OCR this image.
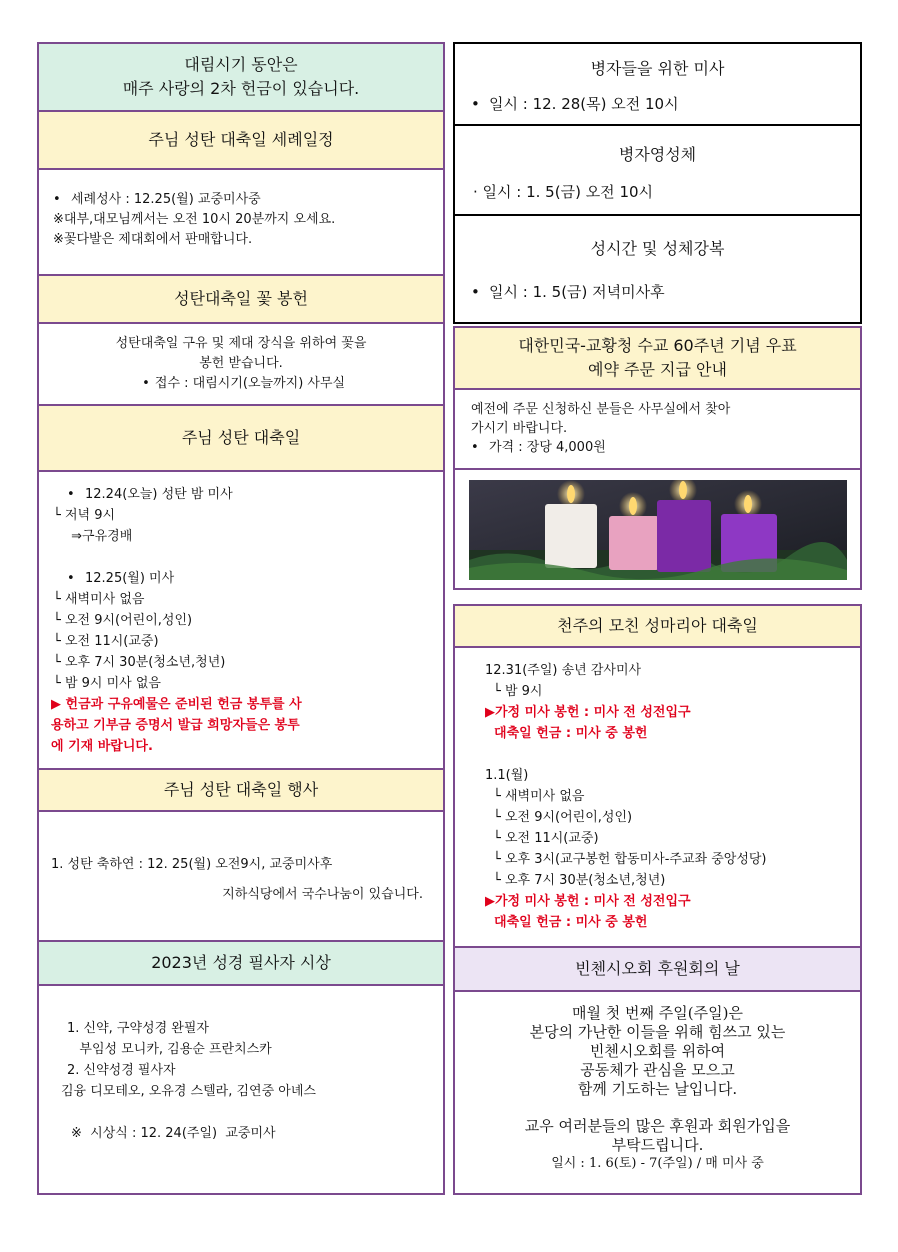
대림시기 동안은
매주 사랑의 2차 헌금이 있습니다.
주님 성탄 대축일 세례일정
• 세례성사 : 12.25(월) 교중미사중
※대부,대모님께서는 오전 10시 20분까지 오세요.
※꽃다발은 제대회에서 판매합니다.
성탄대축일 꽃 봉헌
성탄대축일 구유 및 제대 장식을 위하여 꽃을
봉헌 받습니다.
• 접수 : 대림시기(오늘까지) 사무실
주님 성탄 대축일
• 12.24(오늘) 성탄 밤 미사
└ 저녁 9시
⇒구유경배
• 12.25(월) 미사
└ 새벽미사 없음
└ 오전 9시(어린이,성인)
└ 오전 11시(교중)
└ 오후 7시 30분(청소년,청년)
└ 밤 9시 미사 없음
▶ 헌금과 구유예물은 준비된 헌금 봉투를 사
용하고 기부금 증명서 발급 희망자들은 봉투
에 기재 바랍니다.
주님 성탄 대축일 행사
1. 성탄 축하연 : 12. 25(월) 오전9시, 교중미사후
지하식당에서 국수나눔이 있습니다.
2023년 성경 필사자 시상
1. 신약, 구약성경 완필자
부임성 모니카, 김용순 프란치스카
2. 신약성경 필사자
김융 디모테오, 오유경 스텔라, 김연중 아녜스
※  시상식 : 12. 24(주일)  교중미사
병자들을 위한 미사
• 일시 : 12. 28(목) 오전 10시
병자영성체
· 일시 : 1. 5(금) 오전 10시
성시간 및 성체강복
• 일시 : 1. 5(금) 저녁미사후
대한민국-교황청 수교 60주년 기념 우표
예약 주문 지급 안내
예전에 주문 신청하신 분들은 사무실에서 찾아
가시기 바랍니다.
• 가격 : 장당 4,000원
천주의 모친 성마리아 대축일
12.31(주일) 송년 감사미사
└ 밤 9시
▶가정 미사 봉헌 : 미사 전 성전입구
대축일 헌금 : 미사 중 봉헌
1.1(월)
└ 새벽미사 없음
└ 오전 9시(어린이,성인)
└ 오전 11시(교중)
└ 오후 3시(교구봉헌 합동미사-주교좌 중앙성당)
└ 오후 7시 30분(청소년,청년)
▶가정 미사 봉헌 : 미사 전 성전입구
대축일 헌금 : 미사 중 봉헌
빈첸시오회 후원회의 날
매월 첫 번째 주일(주일)은
본당의 가난한 이들을 위해 힘쓰고 있는
빈첸시오회를 위하여
공동체가 관심을 모으고
함께 기도하는 날입니다.
교우 여러분들의 많은 후원과 회원가입을
부탁드립니다.
일시 : 1. 6(토) - 7(주일) / 매 미사 중
